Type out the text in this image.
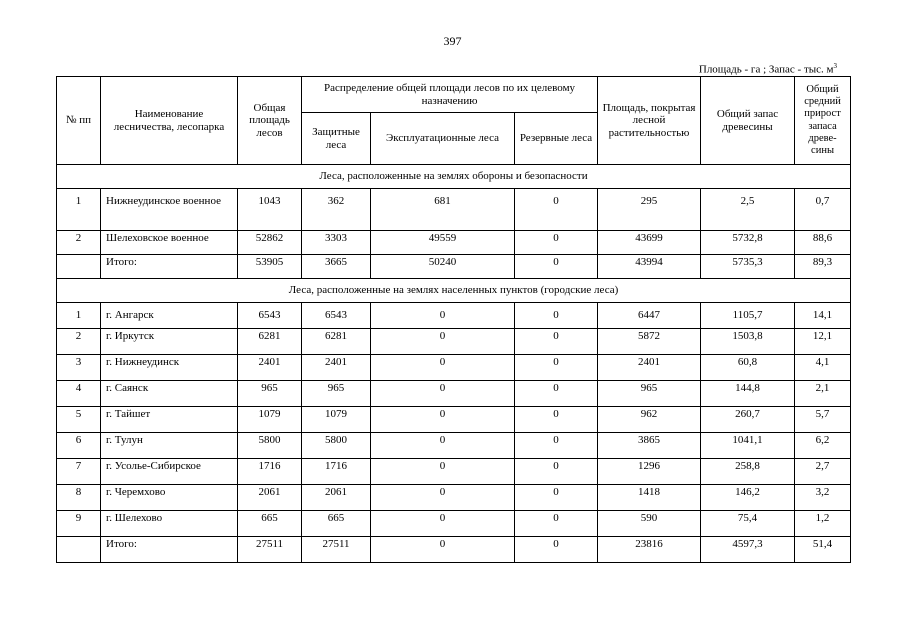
397
Площадь - га ; Запас - тыс. $м^3$
№ пп	Наименование лесничества, лесопарка	Общая площадь лесов	Распределение общей площади лесов по их целевому назначению			Площадь, покрытая лесной растительностью	Общий запас древесины	Общий средний прирост запаса древе-сины
			Защитные леса	Эксплуатационные леса	Резервные леса			
Леса, расположенные на землях обороны и безопасности								
1	Нижнеудинское военное	1043	362	681	0	295	2,5	0,7
2	Шелеховское военное	52862	3303	49559	0	43699	5732,8	88,6
	Итого:	53905	3665	50240	0	43994	5735,3	89,3
Леса, расположенные на землях населенных пунктов (городские леса)								
1	г. Ангарск	6543	6543	0	0	6447	1105,7	14,1
2	г. Иркутск	6281	6281	0	0	5872	1503,8	12,1
3	г. Нижнеудинск	2401	2401	0	0	2401	60,8	4,1
4	г. Саянск	965	965	0	0	965	144,8	2,1
5	г. Тайшет	1079	1079	0	0	962	260,7	5,7
6	г. Тулун	5800	5800	0	0	3865	1041,1	6,2
7	г. Усолье-Сибирское	1716	1716	0	0	1296	258,8	2,7
8	г. Черемхово	2061	2061	0	0	1418	146,2	3,2
9	г. Шелехово	665	665	0	0	590	75,4	1,2
	Итого:	27511	27511	0	0	23816	4597,3	51,4
